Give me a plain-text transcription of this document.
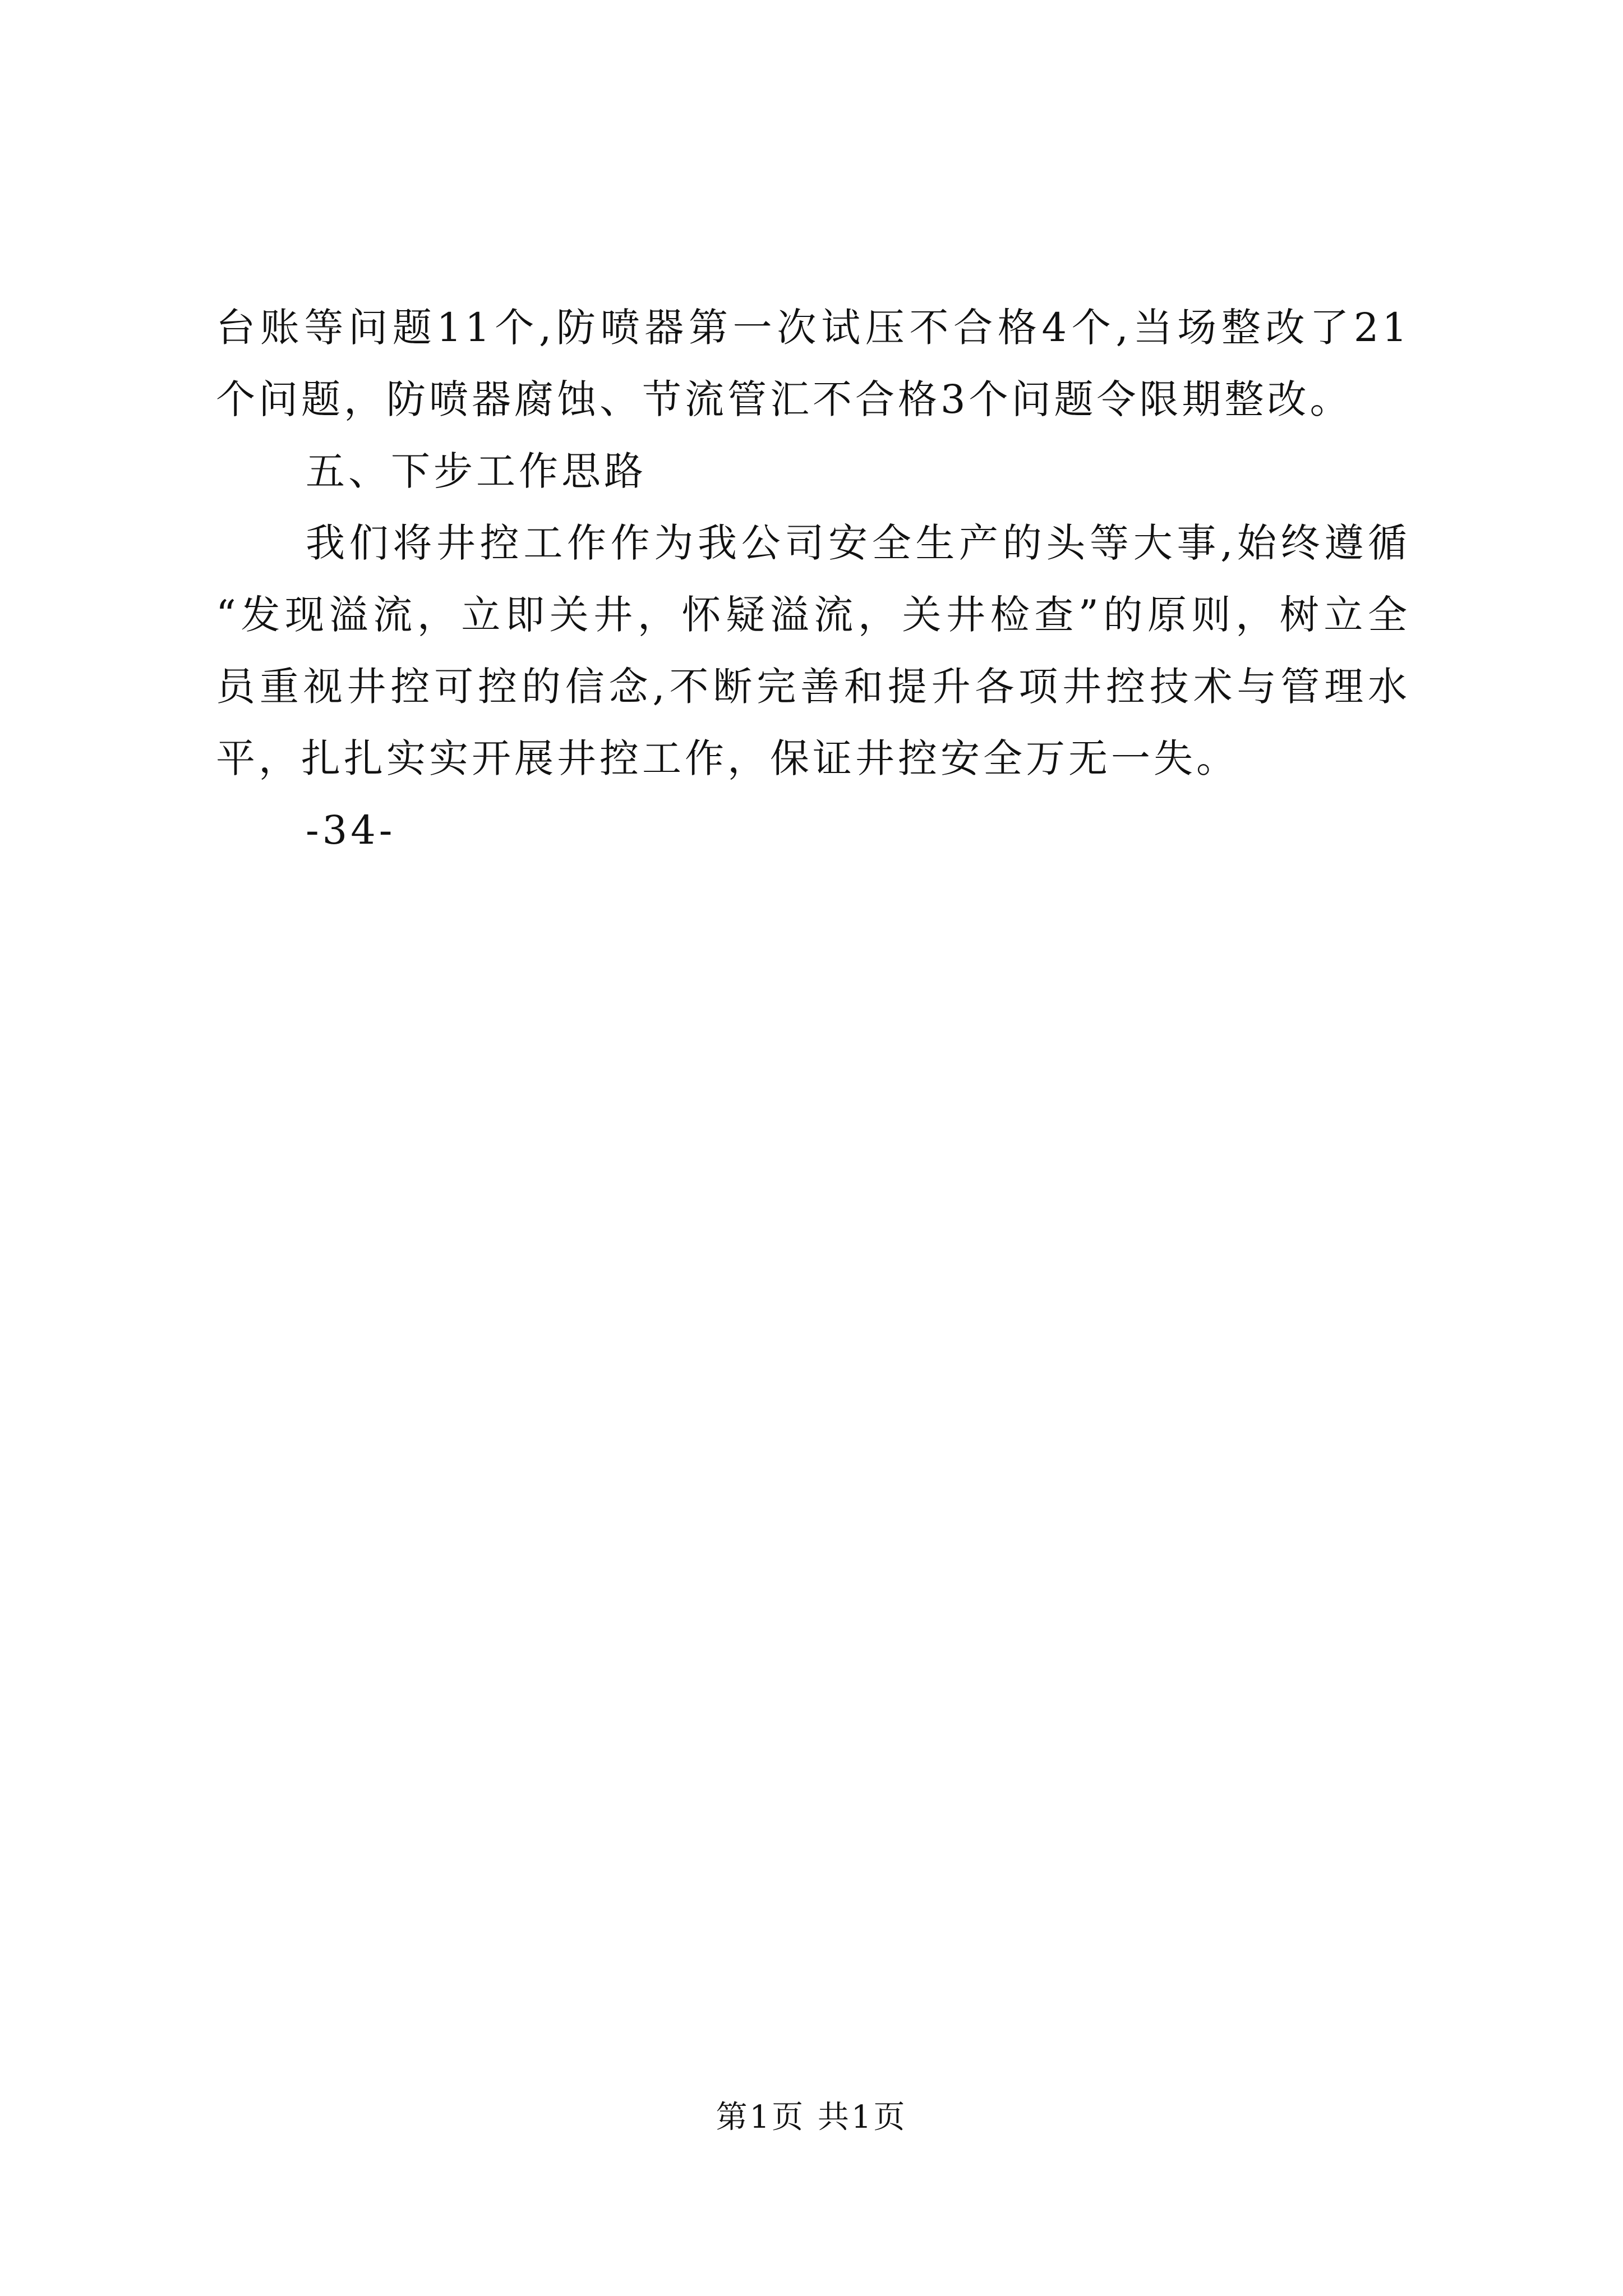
台账等问题11个,防喷器第一次试压不合格4个,当场整改了21
个问题，防喷器腐蚀、节流管汇不合格3个问题令限期整改。
五、下步工作思路
我们将井控工作作为我公司安全生产的头等大事,始终遵循
“发现溢流，立即关井，怀疑溢流，关井检查”的原则，树立全
员重视井控可控的信念,不断完善和提升各项井控技术与管理水
平，扎扎实实开展井控工作，保证井控安全万无一失。
-34-
第1页 共1页
